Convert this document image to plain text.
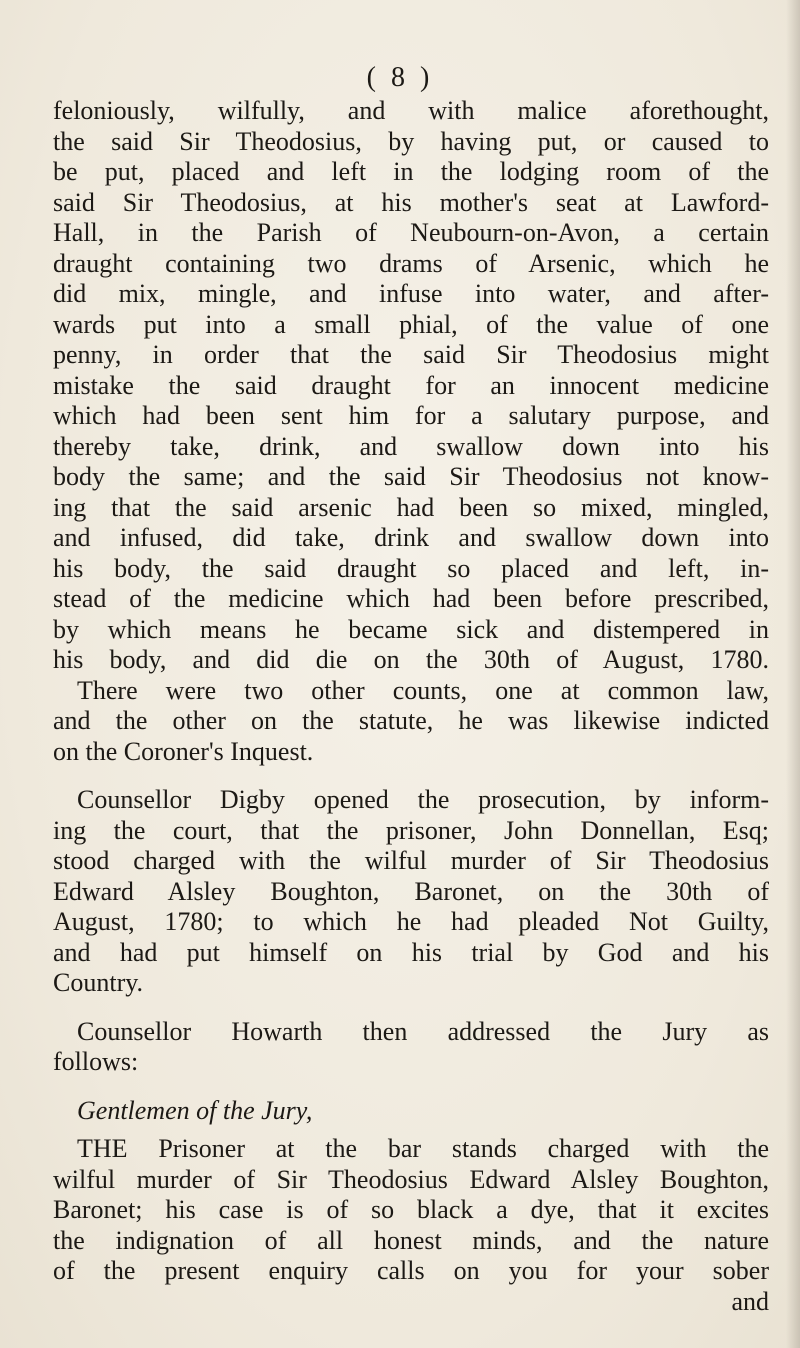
( 8 )
feloniously, wilfully, and with malice aforethought,
the said Sir Theodosius, by having put, or caused to
be put, placed and left in the lodging room of the
said Sir Theodosius, at his mother's seat at Lawford-
Hall, in the Parish of Neubourn-on-Avon, a certain
draught containing two drams of Arsenic, which he
did mix, mingle, and infuse into water, and after-
wards put into a small phial, of the value of one
penny, in order that the said Sir Theodosius might
mistake the said draught for an innocent medicine
which had been sent him for a salutary purpose, and
thereby take, drink, and swallow down into his
body the same; and the said Sir Theodosius not know-
ing that the said arsenic had been so mixed, mingled,
and infused, did take, drink and swallow down into
his body, the said draught so placed and left, in-
stead of the medicine which had been before prescribed,
by which means he became sick and distempered in
his body, and did die on the 30th of August, 1780.
There were two other counts, one at common law,
and the other on the statute, he was likewise indicted
on the Coroner's Inquest.
Counsellor Digby opened the prosecution, by inform-
ing the court, that the prisoner, John Donnellan, Esq;
stood charged with the wilful murder of Sir Theodosius
Edward Alsley Boughton, Baronet, on the 30th of
August, 1780; to which he had pleaded Not Guilty,
and had put himself on his trial by God and his
Country.
Counsellor Howarth then addressed the Jury as
follows:
Gentlemen of the Jury,
THE Prisoner at the bar stands charged with the
wilful murder of Sir Theodosius Edward Alsley Boughton,
Baronet; his case is of so black a dye, that it excites
the indignation of all honest minds, and the nature
of the present enquiry calls on you for your sober
and
